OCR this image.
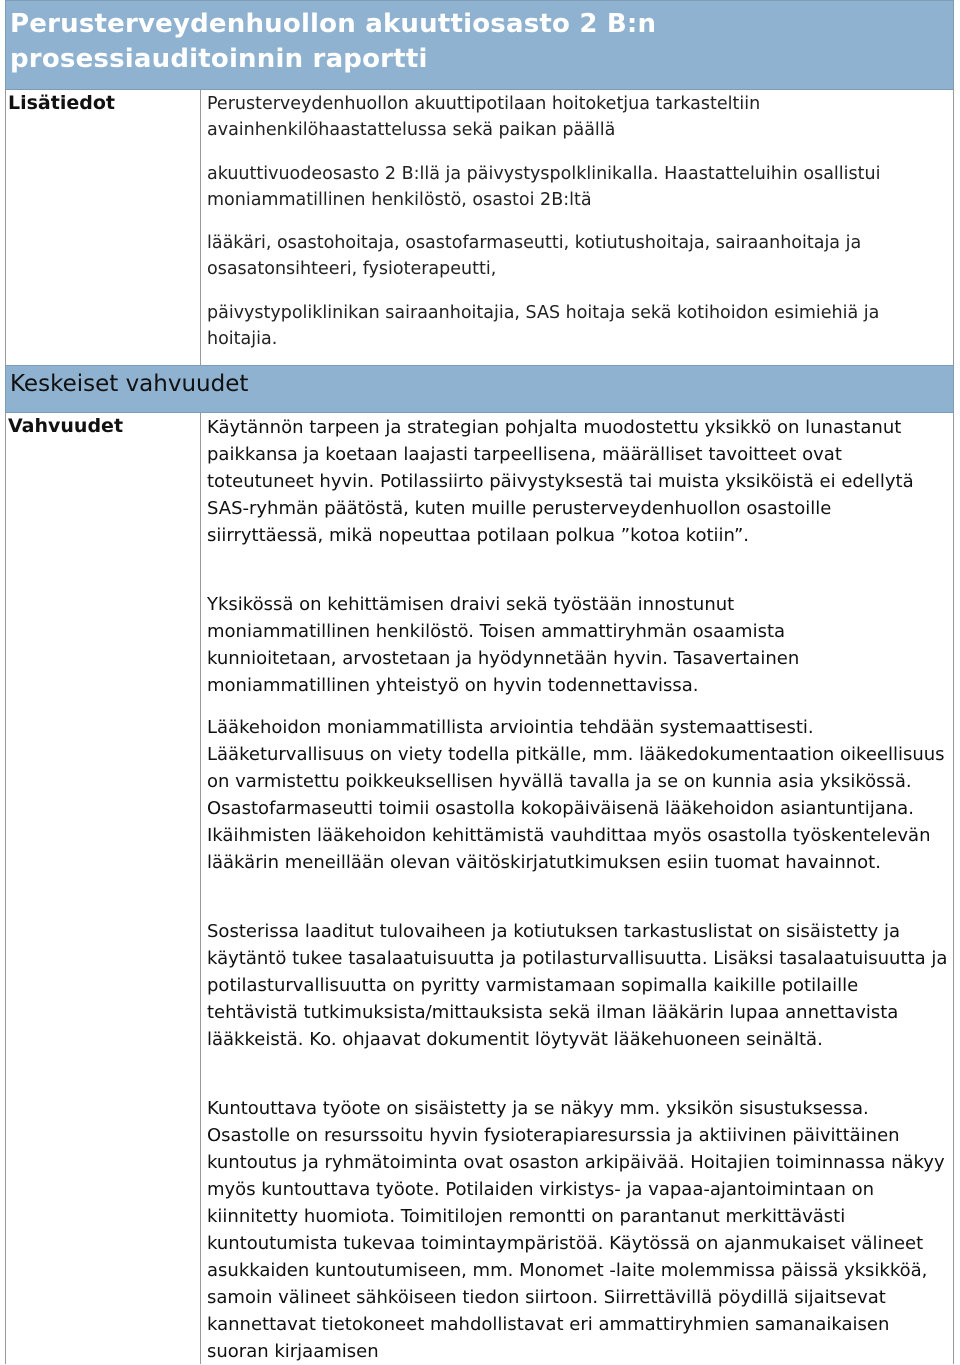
Perusterveydenhuollon akuuttiosasto 2 B:n prosessiauditoinnin raportti
Lisätiedot	Perusterveydenhuollon akuuttipotilaan hoitoketjua tarkasteltiin avainhenkilöhaastattelussa sekä paikan päällä

akuuttivuodeosasto 2 B:llä ja päivystyspolklinikalla. Haastatteluihin osallistui moniammatillinen henkilöstö, osastoi 2B:ltä

lääkäri, osastohoitaja, osastofarmaseutti, kotiutushoitaja, sairaanhoitaja ja osasatonsihteeri, fysioterapeutti,

päivystypoliklinikan sairaanhoitajia, SAS hoitaja sekä kotihoidon esimiehiä ja hoitajia.

Keskeiset vahvuudet
Vahvuudet	Käytännön tarpeen ja strategian pohjalta muodostettu yksikkö on lunastanut paikkansa ja koetaan laajasti tarpeellisena, määrälliset tavoitteet ovat toteutuneet hyvin. Potilassiirto päivystyksestä tai muista yksiköistä ei edellytä SAS-ryhmän päätöstä, kuten muille perusterveydenhuollon osastoille siirryttäessä, mikä nopeuttaa potilaan polkua ”kotoa kotiin”.

Yksikössä on kehittämisen draivi sekä työstään innostunut moniammatillinen henkilöstö. Toisen ammattiryhmän osaamista kunnioitetaan, arvostetaan ja hyödynnetään hyvin. Tasavertainen moniammatillinen yhteistyö on hyvin todennettavissa.

Lääkehoidon moniammatillista arviointia tehdään systemaattisesti. Lääketurvallisuus on viety todella pitkälle, mm. lääkedokumentaation oikeellisuus on varmistettu poikkeuksellisen hyvällä tavalla ja se on kunnia asia yksikössä. Osastofarmaseutti toimii osastolla kokopäiväisenä lääkehoidon asiantuntijana. Ikäihmisten lääkehoidon kehittämistä vauhdittaa myös osastolla työskentelevän lääkärin meneillään olevan väitöskirjatutkimuksen esiin tuomat havainnot.

Sosterissa laaditut tulovaiheen ja kotiutuksen tarkastuslistat on sisäistetty ja käytäntö tukee tasalaatuisuutta ja potilasturvallisuutta. Lisäksi tasalaatuisuutta ja potilasturvallisuutta on pyritty varmistamaan sopimalla kaikille potilaille tehtävistä tutkimuksista/mittauksista sekä ilman lääkärin lupaa annettavista lääkkeistä. Ko. ohjaavat dokumentit löytyvät lääkehuoneen seinältä.

Kuntouttava työote on sisäistetty ja se näkyy mm. yksikön sisustuksessa. Osastolle on resurssoitu hyvin fysioterapiaresurssia ja aktiivinen päivittäinen kuntoutus ja ryhmätoiminta ovat osaston arkipäivää. Hoitajien toiminnassa näkyy myös kuntouttava työote. Potilaiden virkistys- ja vapaa-ajantoimintaan on kiinnitetty huomiota. Toimitilojen remontti on parantanut merkittävästi kuntoutumista tukevaa toimintaympäristöä. Käytössä on ajanmukaiset välineet asukkaiden kuntoutumiseen, mm. Monomet -laite molemmissa päissä yksikköä, samoin välineet sähköiseen tiedon siirtoon. Siirrettävillä pöydillä sijaitsevat kannettavat tietokoneet mahdollistavat eri ammattiryhmien samanaikaisen suoran kirjaamisen
